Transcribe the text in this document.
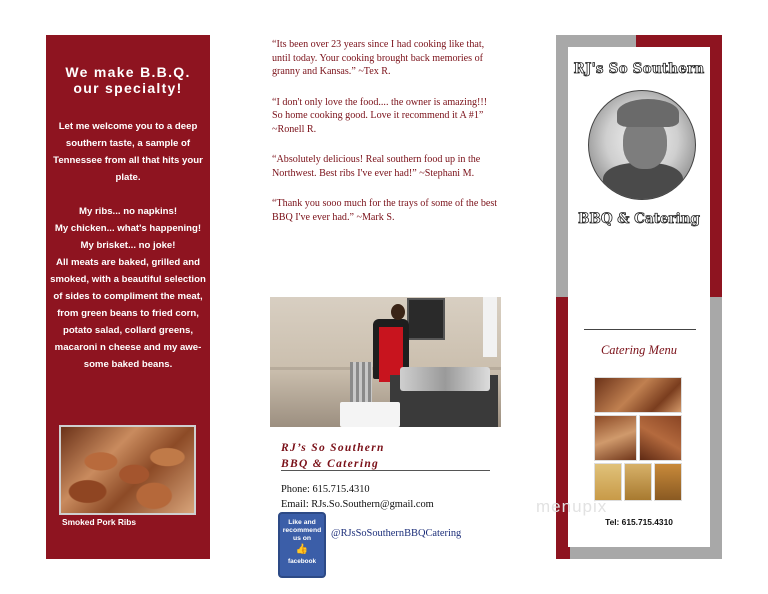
We make B.B.Q.
our specialty!

Let me welcome you to a deep

southern taste, a sample of

Tennessee from all that hits your

plate.

My ribs... no napkins!

My chicken... what's happening!

My brisket... no joke!

All meats are baked, grilled and

smoked, with a beautiful selection

of sides to compliment the meat,

from green beans to fried corn,

potato salad, collard greens,

macaroni n cheese and my awe-

some baked beans.

Smoked Pork Ribs

“Its been over 23 years since I had cooking like that, until today. Your cooking brought back memories of granny and Kansas.” ~Tex R.

“I don't only love the food.... the owner is amazing!!! So home cooking good. Love it recommend it A #1” ~Ronell R.

“Absolutely delicious! Real southern food up in the Northwest. Best ribs I've ever had!” ~Stephani M.

“Thank you sooo much for the trays of some of the best BBQ I've ever had.” ~Mark S.

RJ’s So Southern
BBQ & Catering

Phone: 615.715.4310

Email: RJs.So.Southern@gmail.com

Like and
recommend
us on
👍
facebook
@RJsSoSouthernBBQCatering
RJ's So Southern
BBQ & Catering
Catering Menu
Tel: 615.715.4310
menupix
